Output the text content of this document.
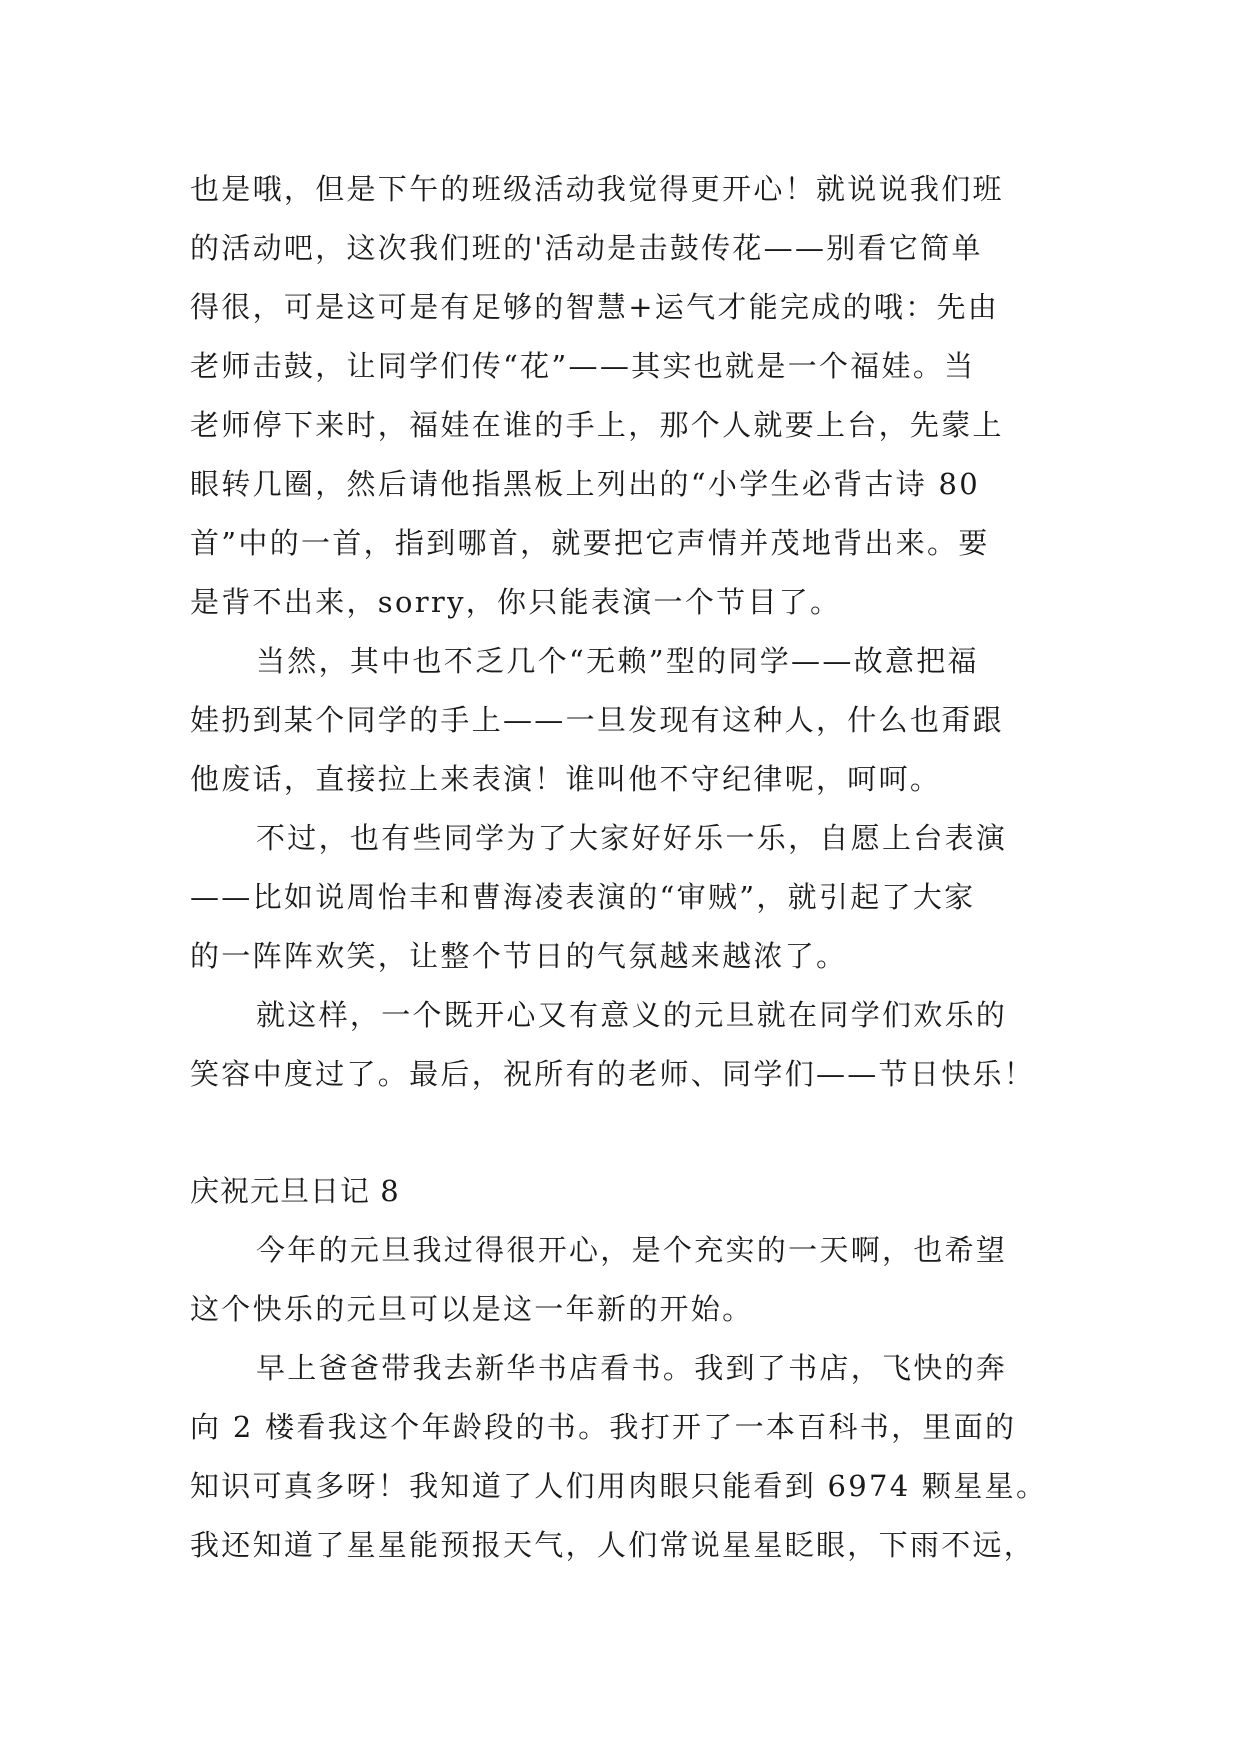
也是哦，但是下午的班级活动我觉得更开心！就说说我们班
的活动吧，这次我们班的'活动是击鼓传花——别看它简单
得很，可是这可是有足够的智慧+运气才能完成的哦：先由
老师击鼓，让同学们传“花”——其实也就是一个福娃。当
老师停下来时，福娃在谁的手上，那个人就要上台，先蒙上
眼转几圈，然后请他指黑板上列出的“小学生必背古诗 80
首”中的一首，指到哪首，就要把它声情并茂地背出来。要
是背不出来，sorry，你只能表演一个节目了。
当然，其中也不乏几个“无赖”型的同学——故意把福
娃扔到某个同学的手上——一旦发现有这种人，什么也甭跟
他废话，直接拉上来表演！谁叫他不守纪律呢，呵呵。
不过，也有些同学为了大家好好乐一乐，自愿上台表演
——比如说周怡丰和曹海凌表演的“审贼”，就引起了大家
的一阵阵欢笑，让整个节日的气氛越来越浓了。
就这样，一个既开心又有意义的元旦就在同学们欢乐的
笑容中度过了。最后，祝所有的老师、同学们——节日快乐！
庆祝元旦日记 8
今年的元旦我过得很开心，是个充实的一天啊，也希望
这个快乐的元旦可以是这一年新的开始。
早上爸爸带我去新华书店看书。我到了书店，飞快的奔
向 2 楼看我这个年龄段的书。我打开了一本百科书，里面的
知识可真多呀！我知道了人们用肉眼只能看到 6974 颗星星。
我还知道了星星能预报天气，人们常说星星眨眼，下雨不远，
